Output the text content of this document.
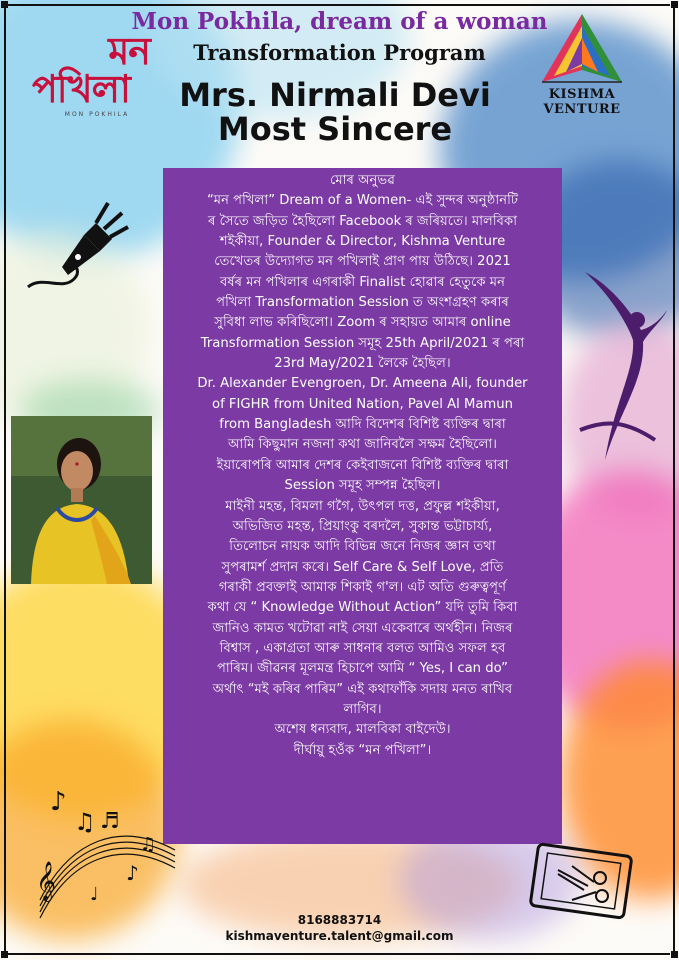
মন
পখিলা
MON POKHILA
KISHMA VENTURE
Mon Pokhila, dream of a woman
Transformation Program
Mrs. Nirmali Devi
Most Sincere
মোৰ অনুভৱ
“মন পখিলা” Dream of a Women- এই সুন্দৰ অনুষ্ঠানটি
ৰ সৈতে জড়িত হৈছিলো Facebook ৰ জৰিয়তে। মালবিকা
শইকীয়া, Founder & Director, Kishma Venture
তেখেতৰ উদ্যোগত মন পখিলাই প্ৰাণ পায় উঠিছে। 2021
বৰ্ষৰ মন পখিলাৰ এগৰাকী Finalist হোৱাৰ হেতুকে মন
পখিলা Transformation Session ত অংশগ্ৰহণ কৰাৰ
সুবিধা লাভ কৰিছিলো। Zoom ৰ সহায়ত আমাৰ online
Transformation Session সমূহ 25th April/2021 ৰ পৰা
23rd May/2021 লৈকে হৈছিল।
Dr. Alexander Evengroen, Dr. Ameena Ali, founder
of FIGHR from United Nation, Pavel Al Mamun
from Bangladesh আদি বিদেশৰ বিশিষ্ট ব্যক্তিৰ দ্বাৰা
আমি কিছুমান নজনা কথা জানিবলৈ সক্ষম হৈছিলো।
ইয়াৰোপৰি আমাৰ দেশৰ কেইবাজনো বিশিষ্ট ব্যক্তিৰ দ্বাৰা
Session সমূহ সম্পন্ন হৈছিল।
মাইনী মহন্ত, বিমলা গগৈ, উৎপল দত্ত, প্ৰফুল্ল শইকীয়া,
অভিজিত মহন্ত, প্ৰিয়াংকু বৰদলৈ, সুকান্ত ভট্টাচাৰ্য্য,
তিলোচন নায়ক আদি বিভিন্ন জনে নিজৰ জ্ঞান তথা
সুপৰামৰ্শ প্ৰদান কৰে। Self Care & Self Love, প্ৰতি
গৰাকী প্ৰবক্তাই আমাক শিকাই গ'ল। এট অতি গুৰুত্বপূৰ্ণ
কথা যে “ Knowledge Without Action” যদি তুমি কিবা
জানিও কামত খটোৱা নাই সেয়া একেবাৰে অৰ্থহীন। নিজৰ
বিশ্বাস , একাগ্ৰতা আৰু সাধনাৰ বলত আমিও সফল হব
পাৰিম। জীৱনৰ মূলমন্ত্ৰ হিচাপে আমি “ Yes, I can do”
অৰ্থাৎ “মই কৰিব পাৰিম” এই কথাফাঁকি সদায় মনত ৰাখিব
লাগিব।
অশেষ ধন্যবাদ, মালবিকা বাইদেউ।
দীৰ্ঘায়ু হওঁক “মন পখিলা”।
𝄞
♪
♫ ♬
♪
♩
♫
8168883714
kishmaventure.talent@gmail.com
